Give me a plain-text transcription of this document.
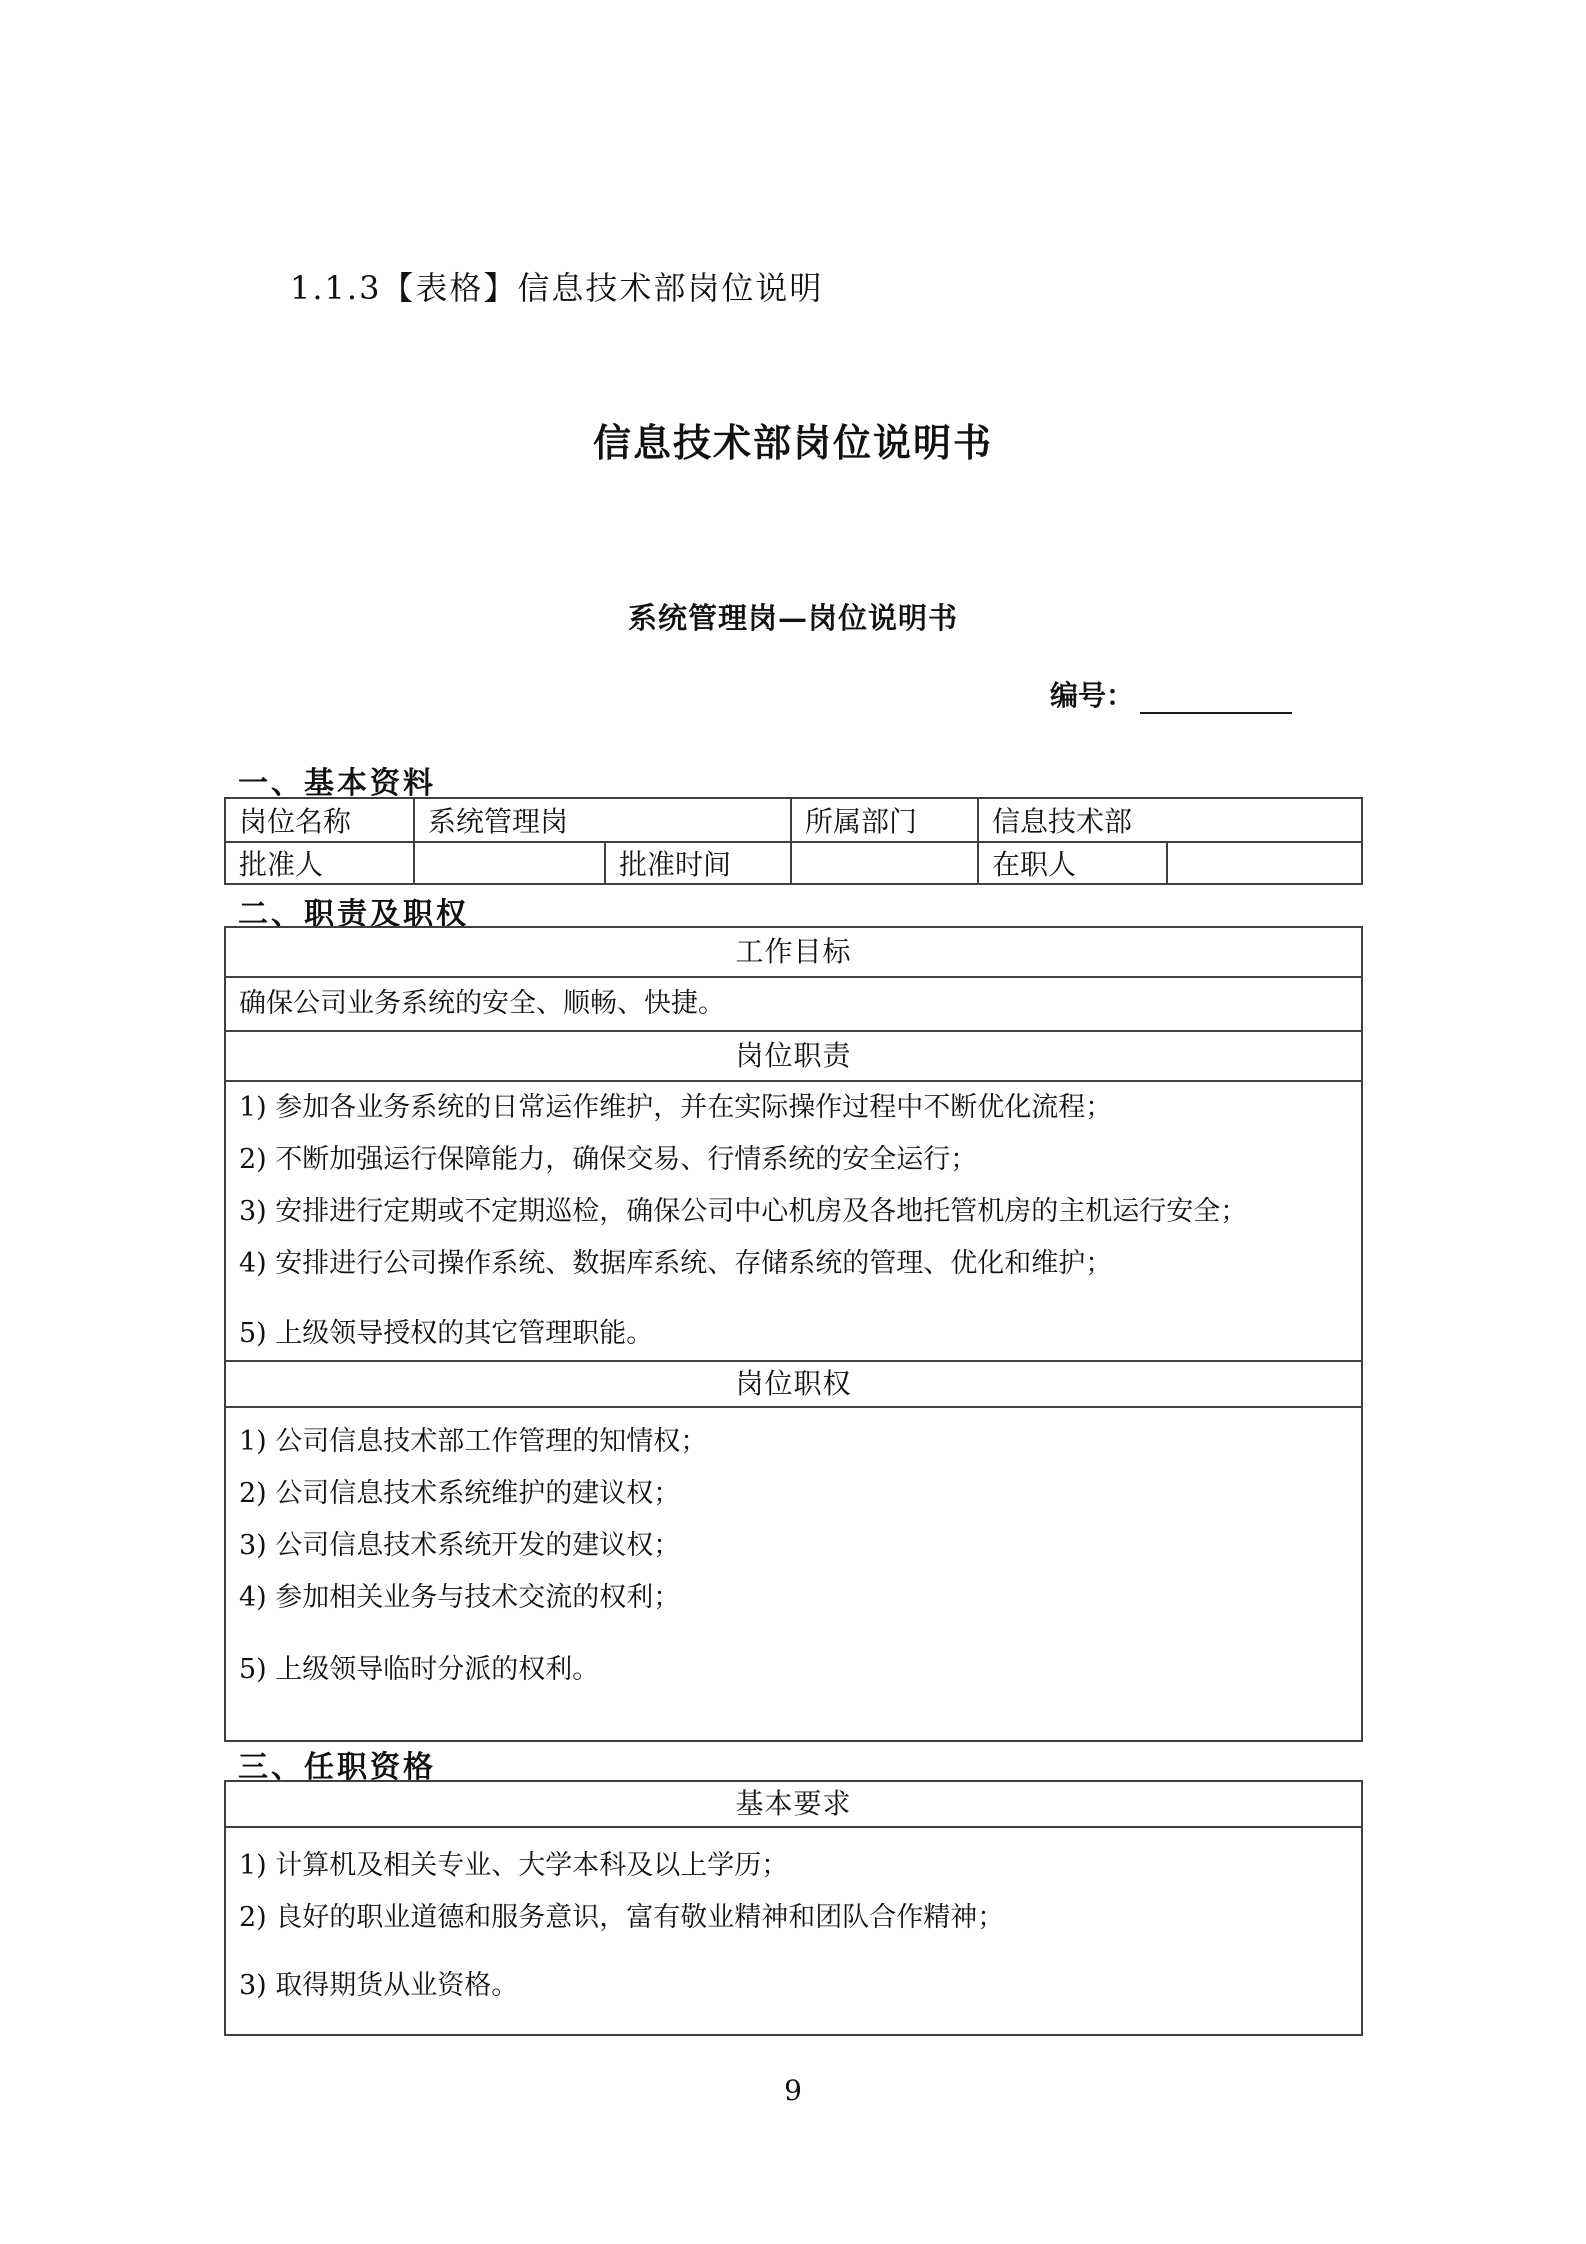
1.1.3【表格】信息技术部岗位说明
信息技术部岗位说明书
系统管理岗—岗位说明书
编号：
一、基本资料
岗位名称	系统管理岗		所属部门	信息技术部	
批准人		批准时间		在职人	
二、职责及职权
工作目标
确保公司业务系统的安全、顺畅、快捷。
岗位职责
1) 参加各业务系统的日常运作维护，并在实际操作过程中不断优化流程；
2) 不断加强运行保障能力，确保交易、行情系统的安全运行；
3) 安排进行定期或不定期巡检，确保公司中心机房及各地托管机房的主机运行安全；
4) 安排进行公司操作系统、数据库系统、存储系统的管理、优化和维护；
5) 上级领导授权的其它管理职能。
岗位职权
1) 公司信息技术部工作管理的知情权；
2) 公司信息技术系统维护的建议权；
3) 公司信息技术系统开发的建议权；
4) 参加相关业务与技术交流的权利；
5) 上级领导临时分派的权利。
三、任职资格
基本要求
1) 计算机及相关专业、大学本科及以上学历；
2) 良好的职业道德和服务意识，富有敬业精神和团队合作精神；
3) 取得期货从业资格。
9
